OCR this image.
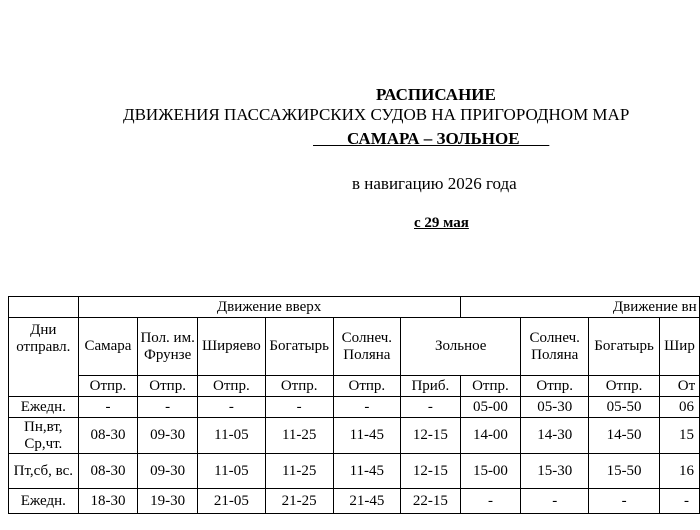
РАСПИСАНИЕ
ДВИЖЕНИЯ ПАССАЖИРСКИХ СУДОВ НА ПРИГОРОДНОМ МАР
САМАРА – ЗОЛЬНОЕ
в навигацию 2026 года
с 29 мая
	Движение вверх						Движение вн			
Дни отправл.	Самара	Пол. им. Фрунзе	Ширяево	Богатырь	Солнеч. Поляна	Зольное		Солнеч. Поляна	Богатырь	Шир
	Отпр.	Отпр.	Отпр.	Отпр.	Отпр.	Приб.	Отпр.	Отпр.	Отпр.	От
Ежедн.	-	-	-	-	-	-	05-00	05-30	05-50	06
Пн,вт, Ср,чт.	08-30	09-30	11-05	11-25	11-45	12-15	14-00	14-30	14-50	15
Пт,сб, вс.	08-30	09-30	11-05	11-25	11-45	12-15	15-00	15-30	15-50	16
Ежедн.	18-30	19-30	21-05	21-25	21-45	22-15	-	-	-	-
